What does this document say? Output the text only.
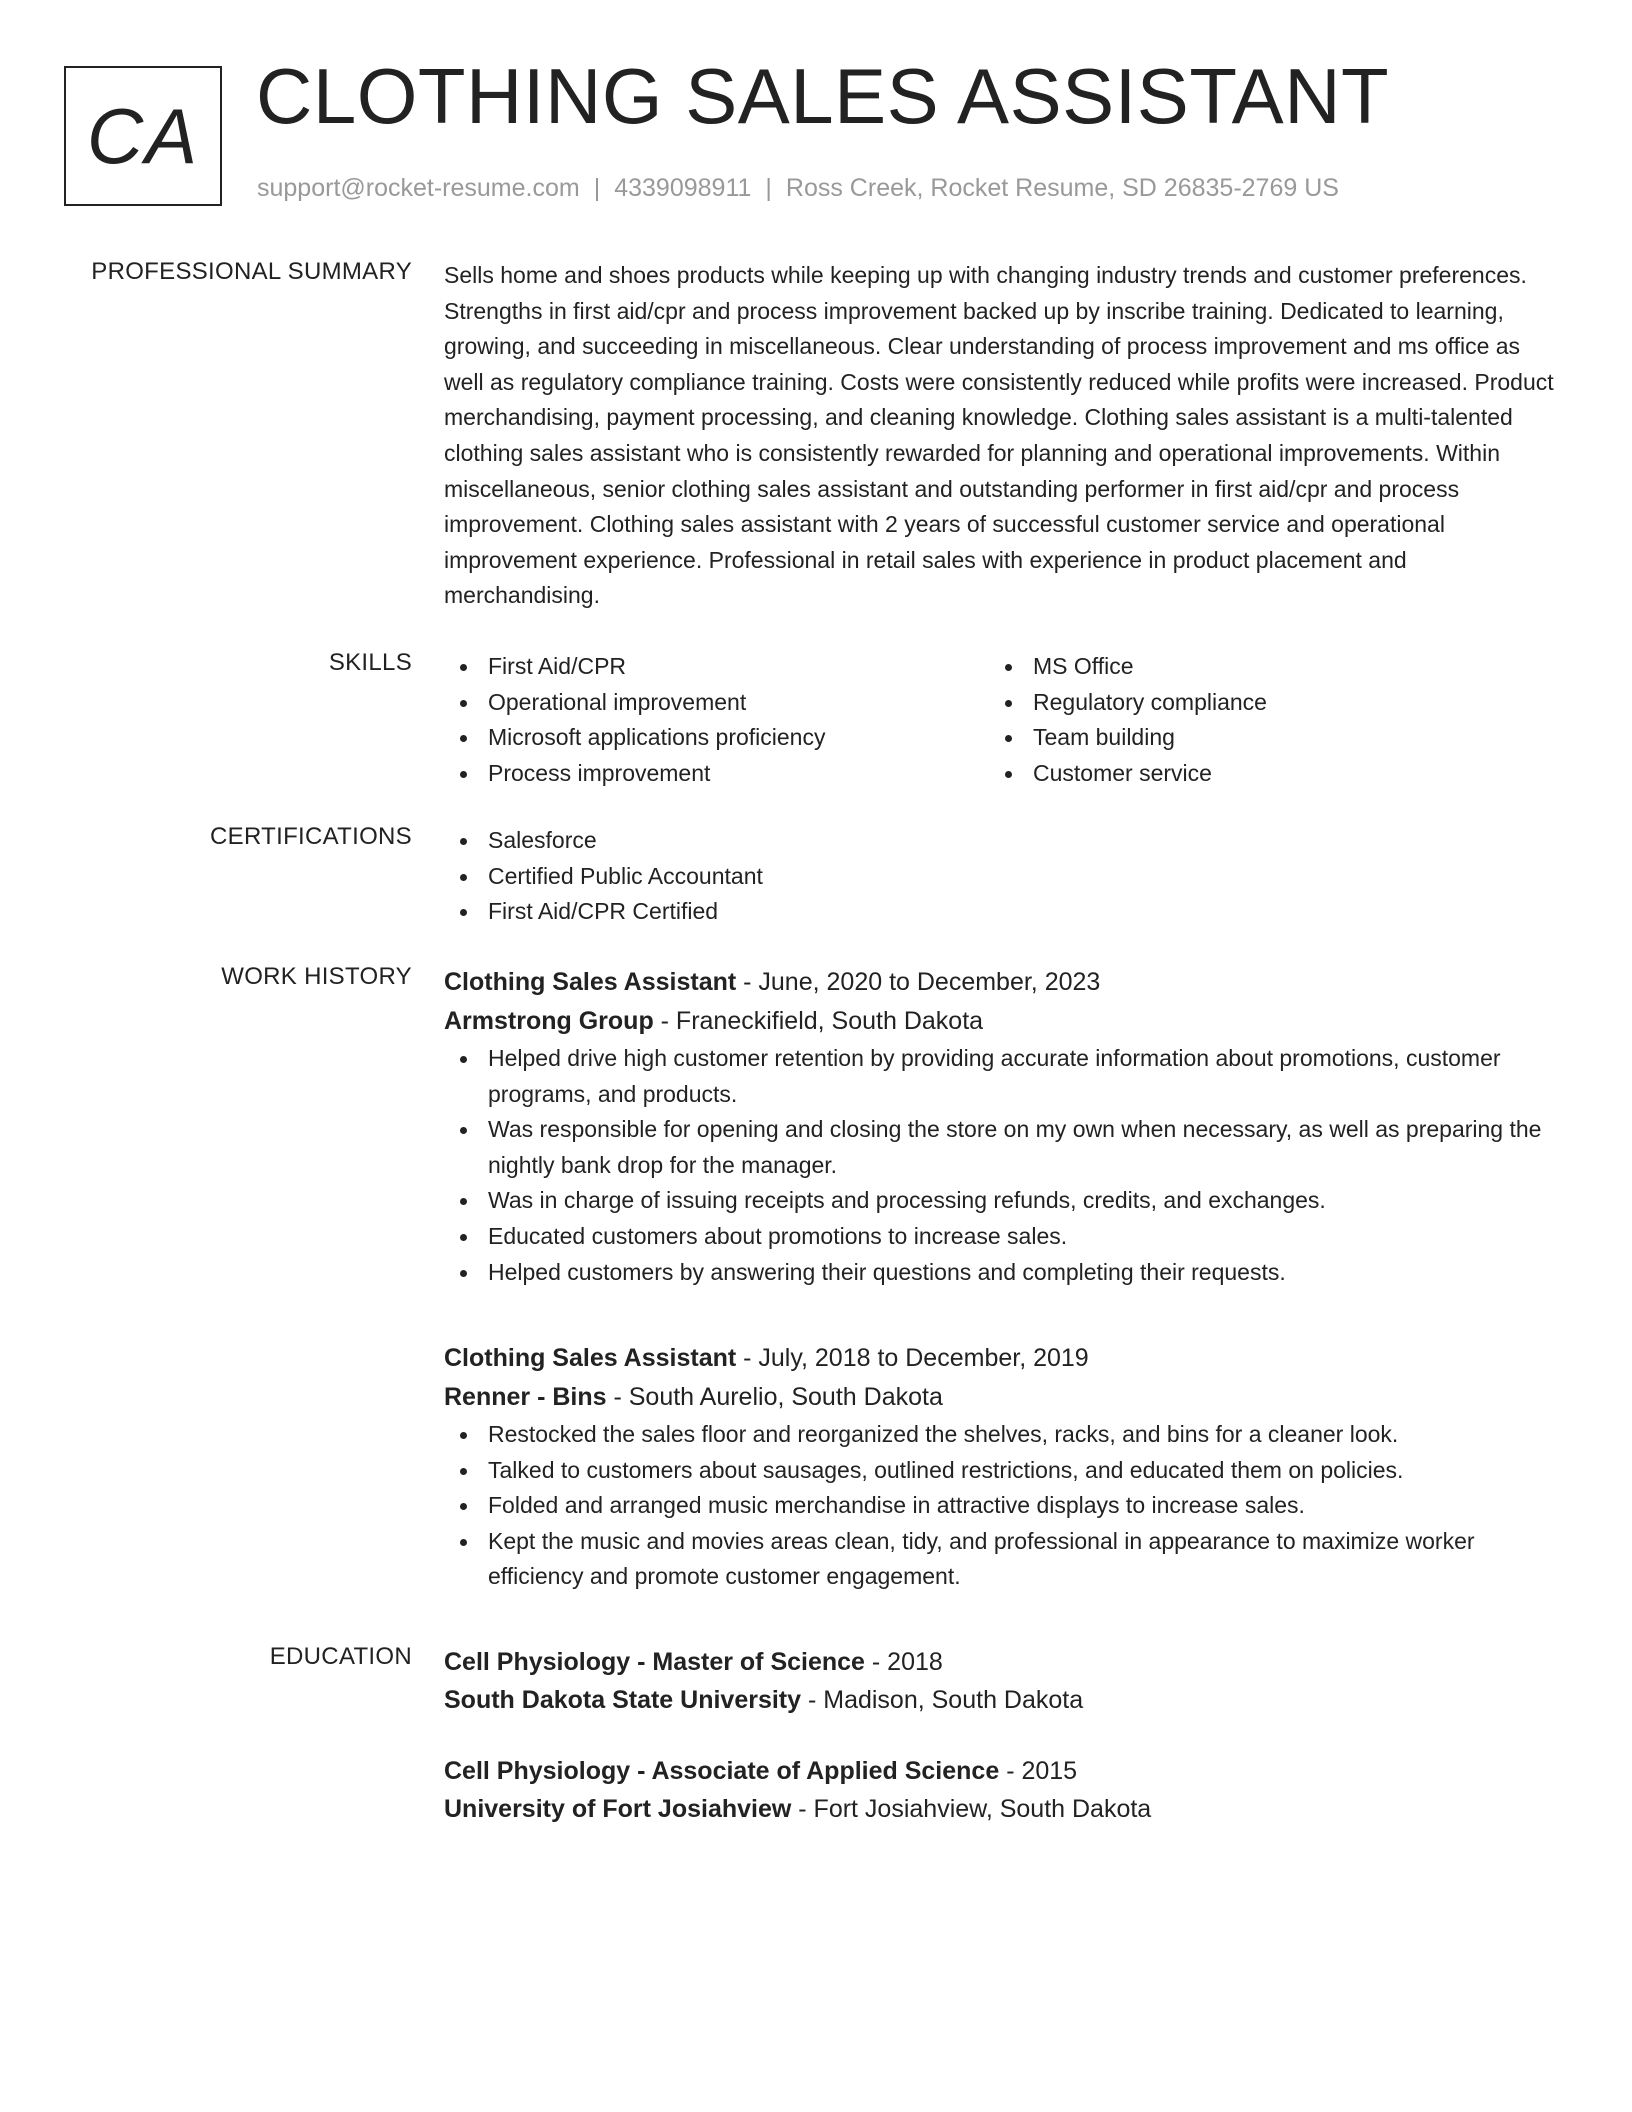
CA CLOTHING SALES ASSISTANT
support@rocket-resume.com | 4339098911 | Ross Creek, Rocket Resume, SD 26835-2769 US
PROFESSIONAL SUMMARY Sells home and shoes products while keeping up with changing industry trends and customer preferences. Strengths in first aid/cpr and process improvement backed up by inscribe training. Dedicated to learning, growing, and succeeding in miscellaneous. Clear understanding of process improvement and ms office as well as regulatory compliance training. Costs were consistently reduced while profits were increased. Product merchandising, payment processing, and cleaning knowledge. Clothing sales assistant is a multi-talented clothing sales assistant who is consistently rewarded for planning and operational improvements. Within miscellaneous, senior clothing sales assistant and outstanding performer in first aid/cpr and process improvement. Clothing sales assistant with 2 years of successful customer service and operational improvement experience. Professional in retail sales with experience in product placement and merchandising.

SKILLS	First Aid/CPR
Operational improvement
Microsoft applications proficiency
Process improvement
MS Office
Regulatory compliance
Team building
Customer service
CERTIFICATIONS	Salesforce
Certified Public Accountant
First Aid/CPR Certified
WORK HISTORY Clothing Sales Assistant - June, 2020 to December, 2023
Armstrong Group - Franeckifield, South Dakota
Helped drive high customer retention by providing accurate information about promotions, customer programs, and products.
Was responsible for opening and closing the store on my own when necessary, as well as preparing the nightly bank drop for the manager.
Was in charge of issuing receipts and processing refunds, credits, and exchanges.
Educated customers about promotions to increase sales.
Helped customers by answering their questions and completing their requests.
Clothing Sales Assistant - July, 2018 to December, 2019
Renner - Bins - South Aurelio, South Dakota
Restocked the sales floor and reorganized the shelves, racks, and bins for a cleaner look.
Talked to customers about sausages, outlined restrictions, and educated them on policies.
Folded and arranged music merchandise in attractive displays to increase sales.
Kept the music and movies areas clean, tidy, and professional in appearance to maximize worker efficiency and promote customer engagement.
EDUCATION Cell Physiology - Master of Science - 2018
South Dakota State University - Madison, South Dakota
Cell Physiology - Associate of Applied Science - 2015
University of Fort Josiahview - Fort Josiahview, South Dakota
